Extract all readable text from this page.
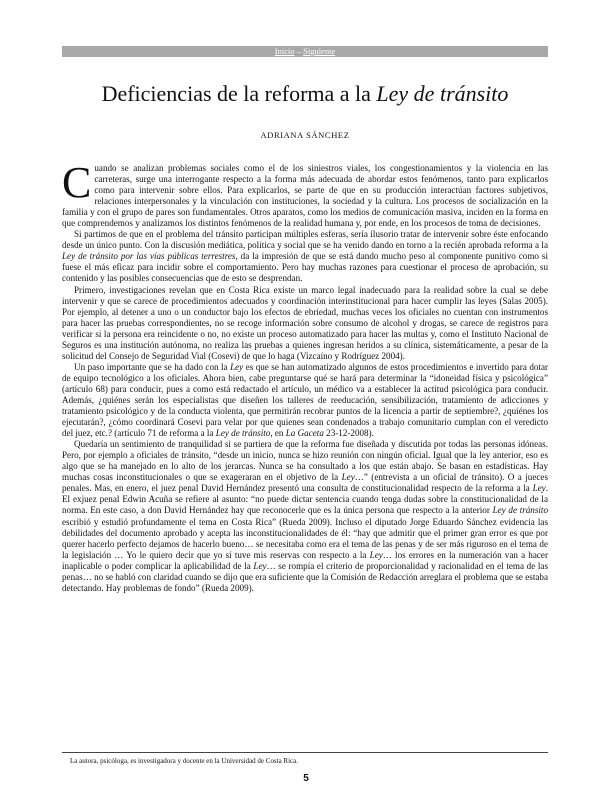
Inicio – Siguiente
Deficiencias de la reforma a la Ley de tránsito
ADRIANA SÁNCHEZ

Cuando se analizan problemas sociales como el de los siniestros viales, los congestionamientos y la violencia en las carreteras, surge una interrogante respecto a la forma más adecuada de abordar estos fenómenos, tanto para explicarlos como para intervenir sobre ellos. Para explicarlos, se parte de que en su producción interactúan factores subjetivos, relaciones interpersonales y la vinculación con instituciones, la sociedad y la cultura. Los procesos de socialización en la familia y con el grupo de pares son fundamentales. Otros aparatos, como los medios de comunicación masiva, inciden en la forma en que comprendemos y analizamos los distintos fenómenos de la realidad humana y, por ende, en los procesos de toma de decisiones.

Si partimos de que en el problema del tránsito participan múltiples esferas, sería ilusorio tratar de intervenir sobre éste enfocando desde un único punto. Con la discusión mediática, política y social que se ha venido dando en torno a la recién aprobada reforma a la Ley de tránsito por las vías públicas terrestres, da la impresión de que se está dando mucho peso al componente punitivo como si fuese el más eficaz para incidir sobre el comportamiento. Pero hay muchas razones para cuestionar el proceso de aprobación, su contenido y las posibles consecuencias que de esto se desprendan.

Primero, investigaciones revelan que en Costa Rica existe un marco legal inadecuado para la realidad sobre la cual se debe intervenir y que se carece de procedimientos adecuados y coordinación interinstitucional para hacer cumplir las leyes (Salas 2005). Por ejemplo, al detener a uno o un conductor bajo los efectos de ebriedad, muchas veces los oficiales no cuentan con instrumentos para hacer las pruebas correspondientes, no se recoge información sobre consumo de alcohol y drogas, se carece de registros para verificar si la persona era reincidente o no, no existe un proceso automatizado para hacer las multas y, como el Instituto Nacional de Seguros es una institución autónoma, no realiza las pruebas a quienes ingresan heridos a su clínica, sistemáticamente, a pesar de la solicitud del Consejo de Seguridad Vial (Cosevi) de que lo haga (Vizcaíno y Rodríguez 2004).

Un paso importante que se ha dado con la Ley es que se han automatizado algunos de estos procedimientos e invertido para dotar de equipo tecnológico a los oficiales. Ahora bien, cabe preguntarse qué se hará para determinar la “idoneidad física y psicológica” (artículo 68) para conducir, pues a como está redactado el artículo, un médico va a establecer la actitud psicológica para conducir. Además, ¿quiénes serán los especialistas que diseñen los talleres de reeducación, sensibilización, tratamiento de adicciones y tratamiento psicológico y de la conducta violenta, que permitirán recobrar puntos de la licencia a partir de septiembre?, ¿quiénes los ejecutarán?, ¿cómo coordinará Cosevi para velar por que quienes sean condenados a trabajo comunitario cumplan con el veredicto del juez, etc.? (artículo 71 de reforma a la Ley de tránsito, en La Gaceta 23-12-2008).

Quedaría un sentimiento de tranquilidad si se partiera de que la reforma fue diseñada y discutida por todas las personas idóneas. Pero, por ejemplo a oficiales de tránsito, “desde un inicio, nunca se hizo reunión con ningún oficial. Igual que la ley anterior, eso es algo que se ha manejado en lo alto de los jerarcas. Nunca se ha consultado a los que están abajo. Se basan en estadísticas. Hay muchas cosas inconstitucionales o que se exageraran en el objetivo de la Ley…” (entrevista a un oficial de tránsito). O a jueces penales. Mas, en enero, el juez penal David Hernández presentó una consulta de constitucionalidad respecto de la reforma a la Ley. El exjuez penal Edwin Acuña se refiere al asunto: “no puede dictar sentencia cuando tenga dudas sobre la constitucionalidad de la norma. En este caso, a don David Hernández hay que reconocerle que es la única persona que respecto a la anterior Ley de tránsito escribió y estudió profundamente el tema en Costa Rica” (Rueda 2009). Incluso el diputado Jorge Eduardo Sánchez evidencia las debilidades del documento aprobado y acepta las inconstitucionalidades de él: “hay que admitir que el primer gran error es que por querer hacerlo perfecto dejamos de hacerlo bueno… se necesitaba como era el tema de las penas y de ser más riguroso en el tema de la legislación … Yo le quiero decir que yo sí tuve mis reservas con respecto a la Ley… los errores en la numeración van a hacer inaplicable o poder complicar la aplicabilidad de la Ley… se rompía el criterio de proporcionalidad y racionalidad en el tema de las penas… no se habló con claridad cuando se dijo que era suficiente que la Comisión de Redacción arreglara el problema que se estaba detectando. Hay problemas de fondo” (Rueda 2009).

La autora, psicóloga, es investigadora y docente en la Universidad de Costa Rica.
5
